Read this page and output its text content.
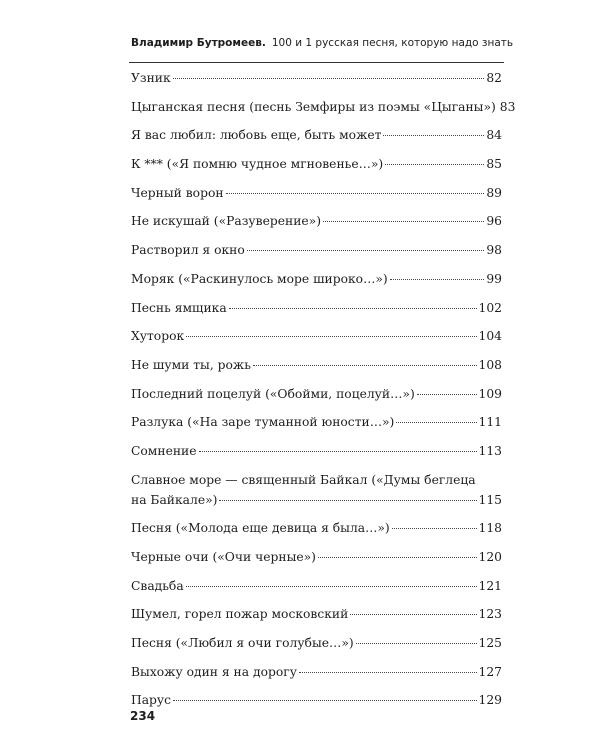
Владимир Бутромеев. 100 и 1 русская песня, которую надо знать
Узник	82
Цыганская песня (песнь Земфиры из поэмы «Цыганы») 83
Я вас любил: любовь еще, быть может	84
К *** («Я помню чудное мгновенье…»)	85
Черный ворон	89
Не искушай («Разуверение»)	96
Растворил я окно	98
Моряк («Раскинулось море широко…»)	99
Песнь ямщика	102
Хуторок	104
Не шуми ты, рожь	108
Последний поцелуй («Обойми, поцелуй…»)	109
Разлука («На заре туманной юности…»)	111
Сомнение	113
Славное море — священный Байкал («Думы беглеца
на Байкале»)	115
Песня («Молода еще девица я была…»)	118
Черные очи («Очи черные»)	120
Свадьба	121
Шумел, горел пожар московский	123
Песня («Любил я очи голубые…»)	125
Выхожу один я на дорогу	127
Парус	129
234
